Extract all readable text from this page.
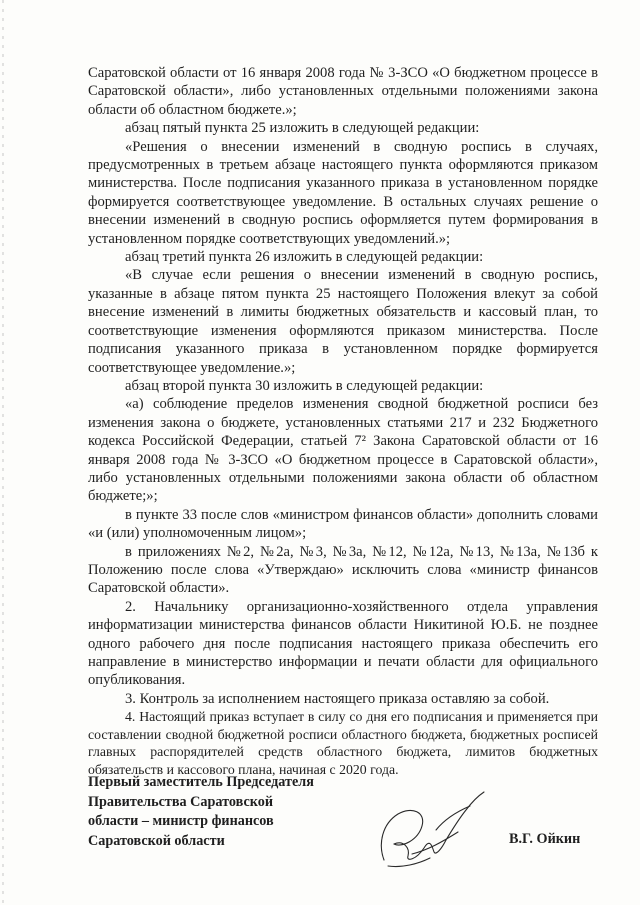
Саратовской области от 16 января 2008 года № 3-ЗСО «О бюджетном процессе в Саратовской области», либо установленных отдельными положениями закона области об областном бюджете.»;

абзац пятый пункта 25 изложить в следующей редакции:

«Решения о внесении изменений в сводную роспись в случаях, предусмотренных в третьем абзаце настоящего пункта оформляются приказом министерства. После подписания указанного приказа в установленном порядке формируется соответствующее уведомление. В остальных случаях решение о внесении изменений в сводную роспись оформляется путем формирования в установленном порядке соответствующих уведомлений.»;

абзац третий пункта 26 изложить в следующей редакции:

«В случае если решения о внесении изменений в сводную роспись, указанные в абзаце пятом пункта 25 настоящего Положения влекут за собой внесение изменений в лимиты бюджетных обязательств и кассовый план, то соответствующие изменения оформляются приказом министерства. После подписания указанного приказа в установленном порядке формируется соответствующее уведомление.»;

абзац второй пункта 30 изложить в следующей редакции:

«а) соблюдение пределов изменения сводной бюджетной росписи без изменения закона о бюджете, установленных статьями 217 и 232 Бюджетного кодекса Российской Федерации, статьей 7² Закона Саратовской области от 16 января 2008 года № 3-ЗСО «О бюджетном процессе в Саратовской области», либо установленных отдельными положениями закона области об областном бюджете;»;

в пункте 33 после слов «министром финансов области» дополнить словами «и (или) уполномоченным лицом»;

в приложениях №2, №2а, №3, №3а, №12, №12а, №13, №13а, №13б к Положению после слова «Утверждаю» исключить слова «министр финансов Саратовской области».

2. Начальнику организационно-хозяйственного отдела управления информатизации министерства финансов области Никитиной Ю.Б. не позднее одного рабочего дня после подписания настоящего приказа обеспечить его направление в министерство информации и печати области для официального опубликования.

3. Контроль за исполнением настоящего приказа оставляю за собой.

4. Настоящий приказ вступает в силу со дня его подписания и применяется при составлении сводной бюджетной росписи областного бюджета, бюджетных росписей главных распорядителей средств областного бюджета, лимитов бюджетных обязательств и кассового плана, начиная с 2020 года.

Первый заместитель Председателя
Правительства Саратовской
области – министр финансов
Саратовской области	В.Г. Ойкин
